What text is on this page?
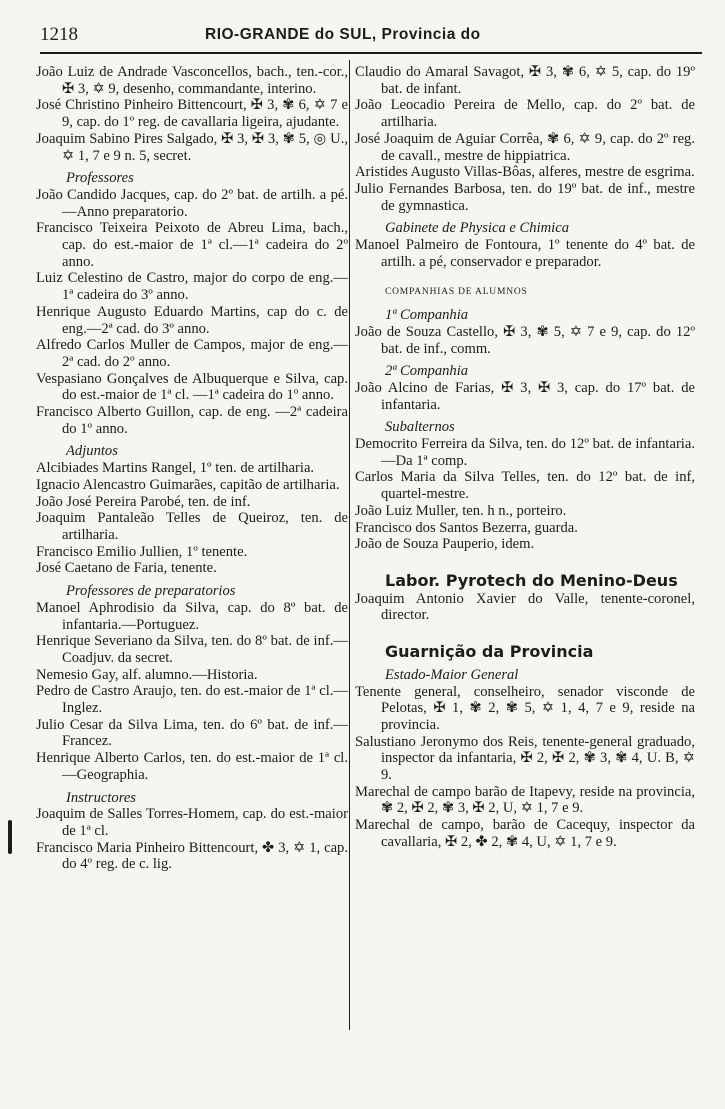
1218	RIO-GRANDE do SUL, Provincia do
João Luiz de Andrade Vasconcellos, bach., ten.-cor., ✠ 3, ✡ 9, desenho, commandante, interino.
José Christino Pinheiro Bittencourt, ✠ 3, ✾ 6, ✡ 7 e 9, cap. do 1º reg. de cavallaria ligeira, ajudante.
Joaquim Sabino Pires Salgado, ✠ 3, ✠ 3, ✾ 5, ◎ U., ✡ 1, 7 e 9 n. 5, secret.
Professores
João Candido Jacques, cap. do 2º bat. de artilh. a pé.—Anno preparatorio.
Francisco Teixeira Peixoto de Abreu Lima, bach., cap. do est.-maior de 1ª cl.—1ª cadeira do 2º anno.
Luiz Celestino de Castro, major do corpo de eng.—1ª cadeira do 3º anno.
Henrique Augusto Eduardo Martins, cap do c. de eng.—2ª cad. do 3º anno.
Alfredo Carlos Muller de Campos, major de eng.—2ª cad. do 2º anno.
Vespasiano Gonçalves de Albuquerque e Silva, cap. do est.-maior de 1ª cl. —1ª cadeira do 1º anno.
Francisco Alberto Guillon, cap. de eng. —2ª cadeira do 1º anno.
Adjuntos
Alcibiades Martins Rangel, 1º ten. de artilharia.
Ignacio Alencastro Guimarães, capitão de artilharia.
João José Pereira Parobé, ten. de inf.
Joaquim Pantaleão Telles de Queiroz, ten. de artilharia.
Francisco Emilio Jullien, 1º tenente.
José Caetano de Faria, tenente.
Professores de preparatorios
Manoel Aphrodisio da Silva, cap. do 8º bat. de infantaria.—Portuguez.
Henrique Severiano da Silva, ten. do 8º bat. de inf.—Coadjuv. da secret.
Nemesio Gay, alf. alumno.—Historia.
Pedro de Castro Araujo, ten. do est.-maior de 1ª cl.—Inglez.
Julio Cesar da Silva Lima, ten. do 6º bat. de inf.—Francez.
Henrique Alberto Carlos, ten. do est.-maior de 1ª cl.—Geographia.
Instructores
Joaquim de Salles Torres-Homem, cap. do est.-maior de 1ª cl.
Francisco Maria Pinheiro Bittencourt, ✤ 3, ✡ 1, cap. do 4º reg. de c. lig.
Claudio do Amaral Savagot, ✠ 3, ✾ 6, ✡ 5, cap. do 19º bat. de infant.
João Leocadio Pereira de Mello, cap. do 2º bat. de artilharia.
José Joaquim de Aguiar Corrêa, ✾ 6, ✡ 9, cap. do 2º reg. de cavall., mestre de hippiatrica.
Aristides Augusto Villas-Bôas, alferes, mestre de esgrima.
Julio Fernandes Barbosa, ten. do 19º bat. de inf., mestre de gymnastica.
Gabinete de Physica e Chimica
Manoel Palmeiro de Fontoura, 1º tenente do 4º bat. de artilh. a pé, conservador e preparador.
COMPANHIAS DE ALUMNOS
1ª Companhia
João de Souza Castello, ✠ 3, ✾ 5, ✡ 7 e 9, cap. do 12º bat. de inf., comm.
2ª Companhia
João Alcino de Farias, ✠ 3, ✠ 3, cap. do 17º bat. de infantaria.
Subalternos
Democrito Ferreira da Silva, ten. do 12º bat. de infantaria.—Da 1ª comp.
Carlos Maria da Silva Telles, ten. do 12º bat. de inf, quartel-mestre.
João Luiz Muller, ten. h n., porteiro.
Francisco dos Santos Bezerra, guarda.
João de Souza Pauperio, idem.
Labor. Pyrotech do Menino-Deus
Joaquim Antonio Xavier do Valle, tenente-coronel, director.
Guarnição da Provincia
Estado-Maior General
Tenente general, conselheiro, senador visconde de Pelotas, ✠ 1, ✾ 2, ✾ 5, ✡ 1, 4, 7 e 9, reside na provincia.
Salustiano Jeronymo dos Reis, tenente-general graduado, inspector da infantaria, ✠ 2, ✠ 2, ✾ 3, ✾ 4, U. B, ✡ 9.
Marechal de campo barão de Itapevy, reside na provincia, ✾ 2, ✠ 2, ✾ 3, ✠ 2, U, ✡ 1, 7 e 9.
Marechal de campo, barão de Cacequy, inspector da cavallaria, ✠ 2, ✤ 2, ✾ 4, U, ✡ 1, 7 e 9.
